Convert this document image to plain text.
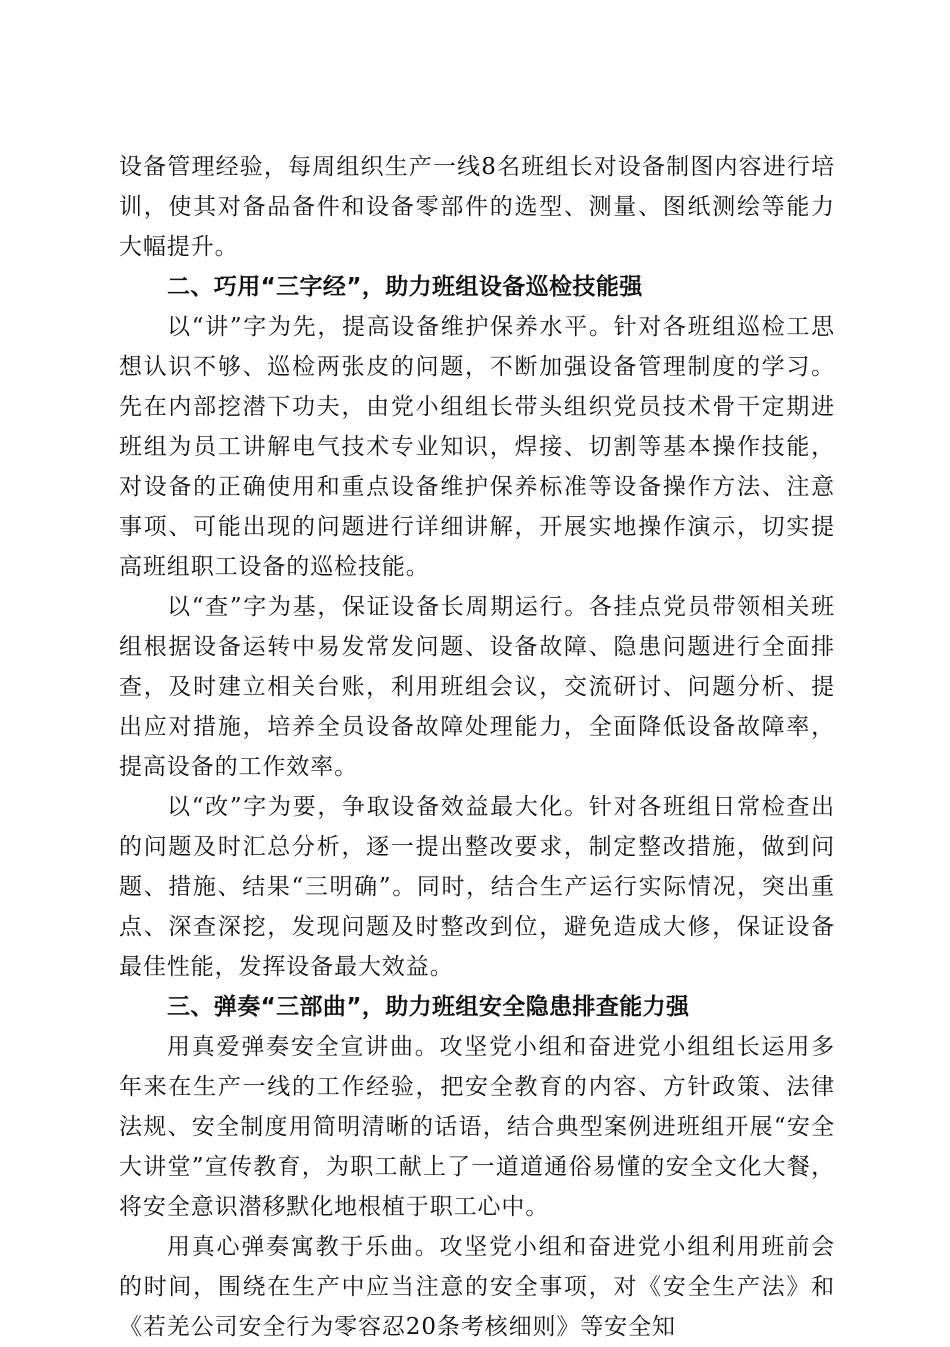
设备管理经验，每周组织生产一线8名班组长对设备制图内容进行培训，使其对备品备件和设备零部件的选型、测量、图纸测绘等能力大幅提升。

二、巧用“三字经”，助力班组设备巡检技能强

以“讲”字为先，提高设备维护保养水平。针对各班组巡检工思想认识不够、巡检两张皮的问题，不断加强设备管理制度的学习。先在内部挖潜下功夫，由党小组组长带头组织党员技术骨干定期进班组为员工讲解电气技术专业知识，焊接、切割等基本操作技能，对设备的正确使用和重点设备维护保养标准等设备操作方法、注意事项、可能出现的问题进行详细讲解，开展实地操作演示，切实提高班组职工设备的巡检技能。

以“查”字为基，保证设备长周期运行。各挂点党员带领相关班组根据设备运转中易发常发问题、设备故障、隐患问题进行全面排查，及时建立相关台账，利用班组会议，交流研讨、问题分析、提出应对措施，培养全员设备故障处理能力，全面降低设备故障率，提高设备的工作效率。

以“改”字为要，争取设备效益最大化。针对各班组日常检查出的问题及时汇总分析，逐一提出整改要求，制定整改措施，做到问题、措施、结果“三明确”。同时，结合生产运行实际情况，突出重点、深查深挖，发现问题及时整改到位，避免造成大修，保证设备最佳性能，发挥设备最大效益。

三、弹奏“三部曲”，助力班组安全隐患排查能力强

用真爱弹奏安全宣讲曲。攻坚党小组和奋进党小组组长运用多年来在生产一线的工作经验，把安全教育的内容、方针政策、法律法规、安全制度用简明清晰的话语，结合典型案例进班组开展“安全大讲堂”宣传教育，为职工献上了一道道通俗易懂的安全文化大餐，将安全意识潜移默化地根植于职工心中。

用真心弹奏寓教于乐曲。攻坚党小组和奋进党小组利用班前会的时间，围绕在生产中应当注意的安全事项，对《安全生产法》和《若羌公司安全行为零容忍20条考核细则》等安全知
